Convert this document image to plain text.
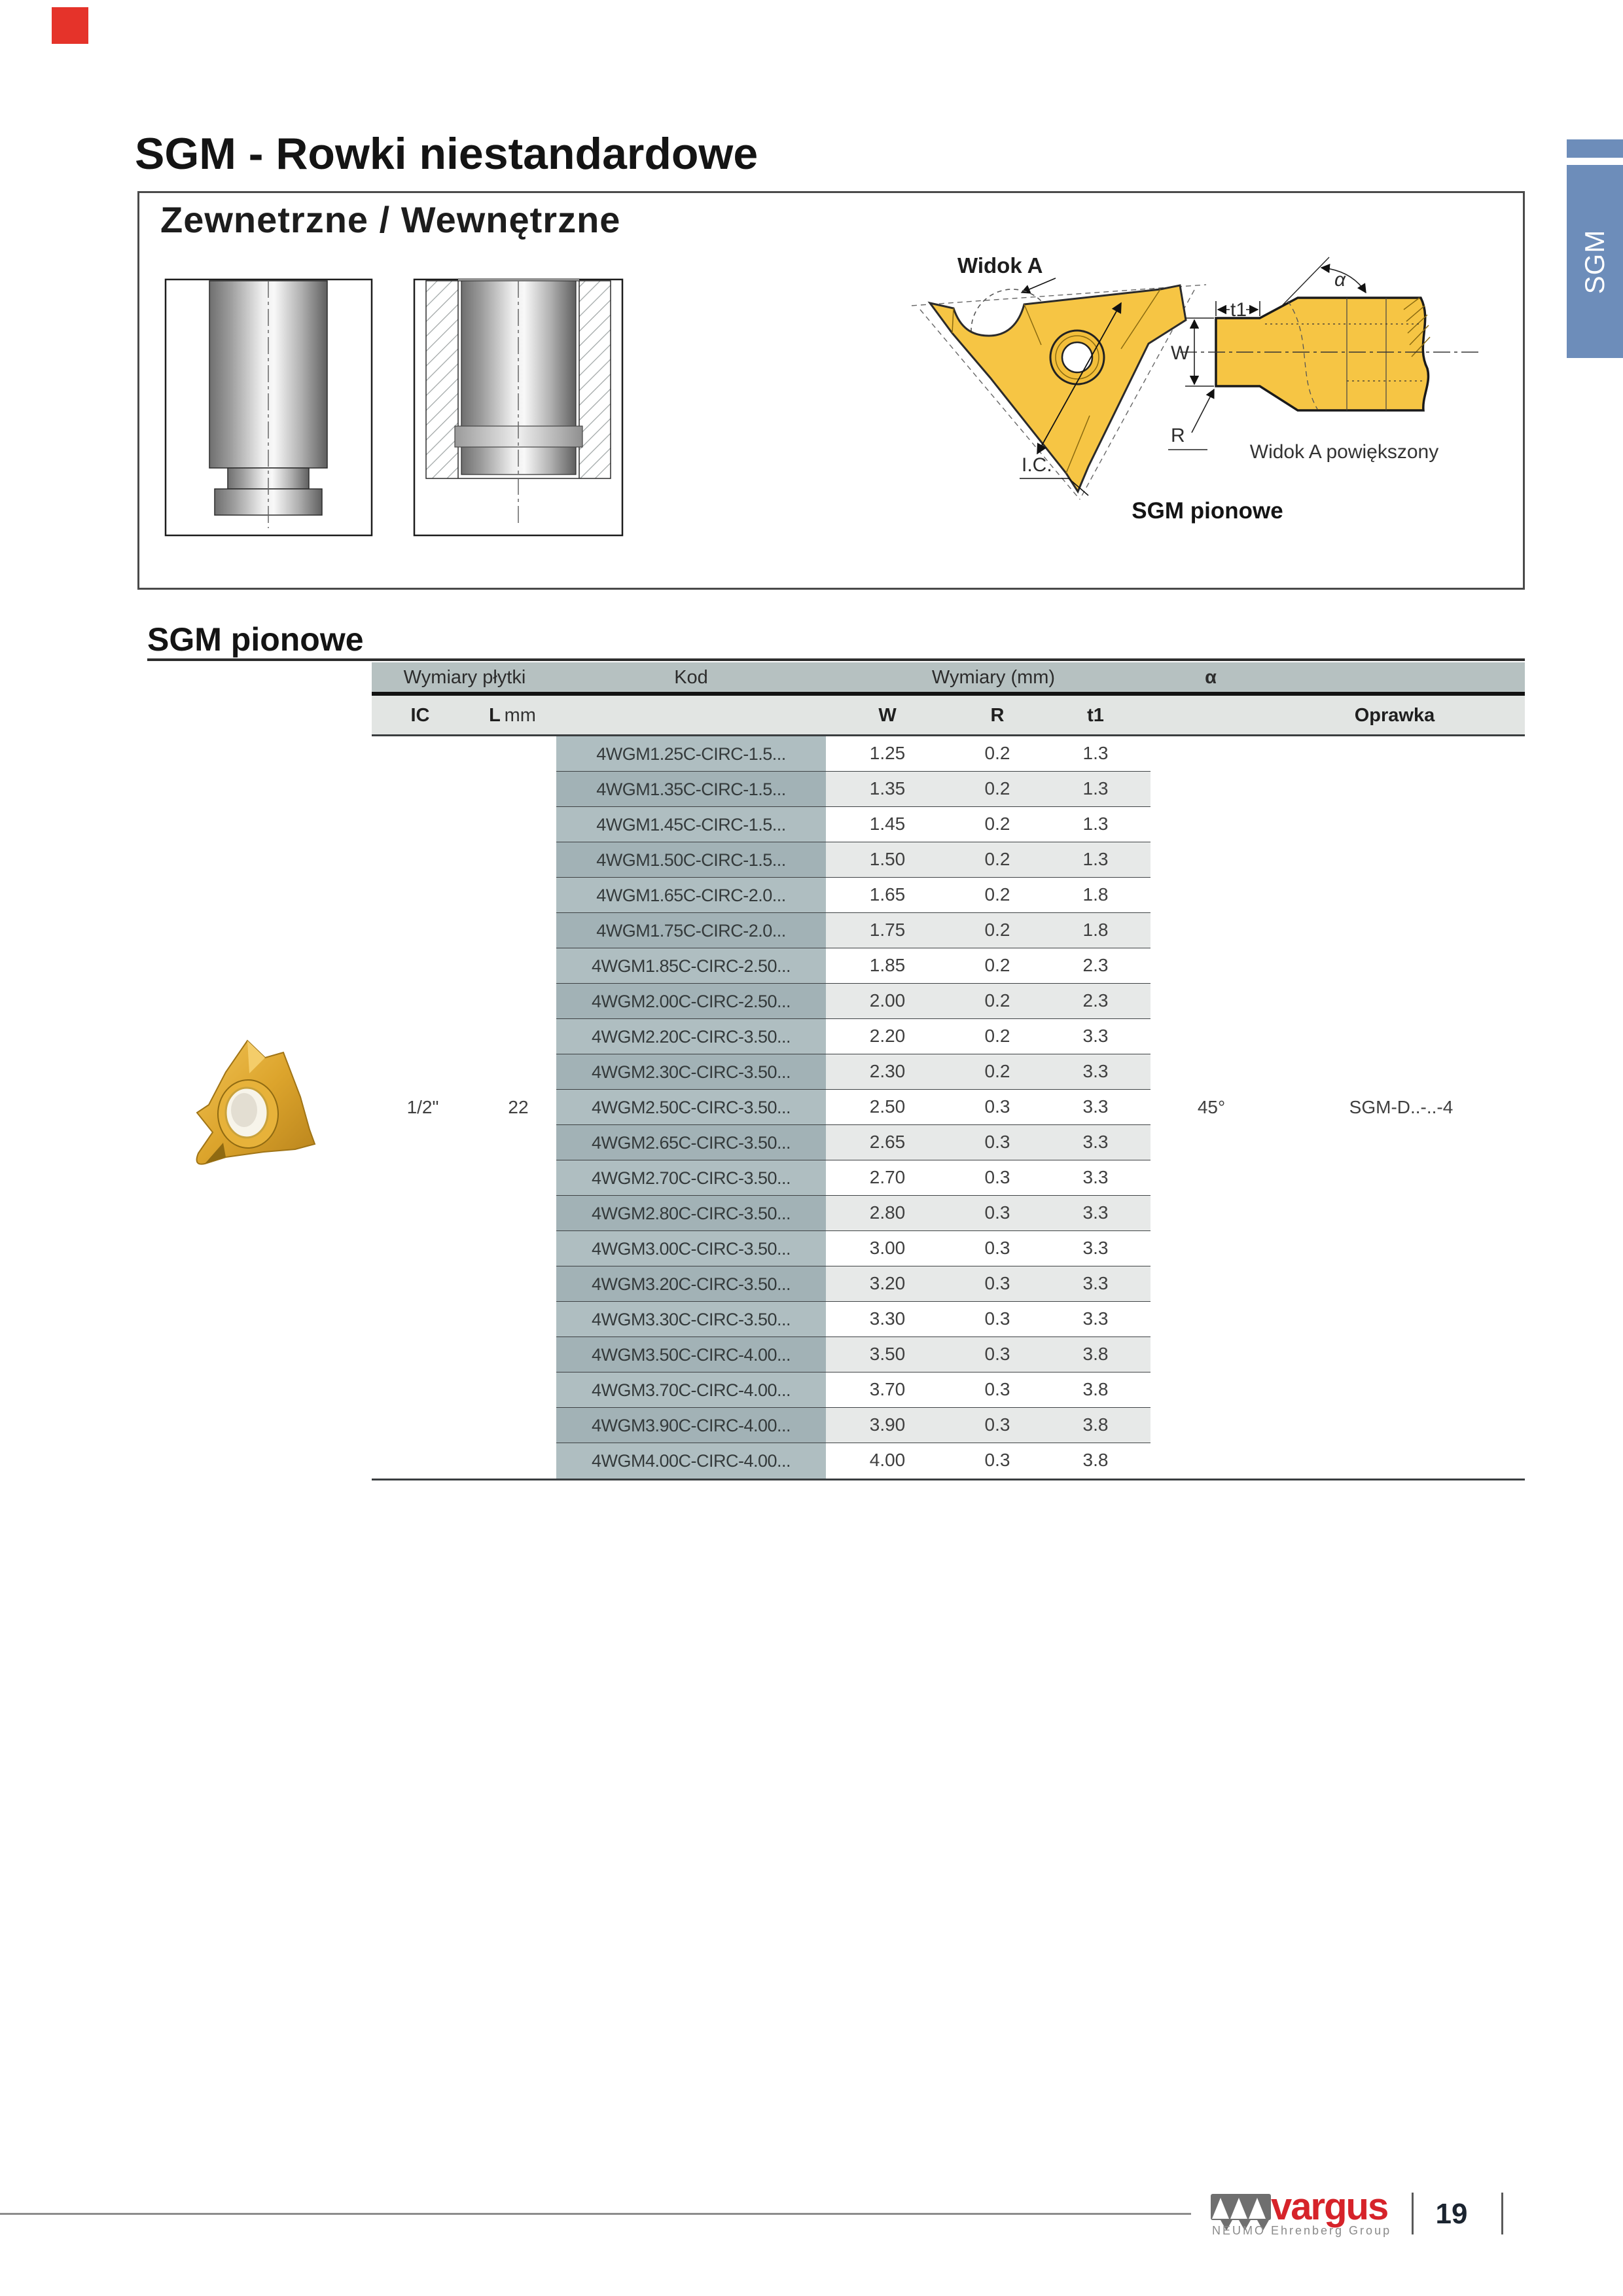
SGM - Rowki niestandardowe
SGM
Widok A
I.C.
t1
W
R
α
Widok A powiększony
SGM pionowe
Zewnetrzne / Wewnętrzne
SGM pionowe
Wymiary płytki	Kod	Wymiary (mm)	α
IC	L  mm	W	R	t1	Oprawka
4WGM1.25C-CIRC-1.5...	1.25	0.2	1.3
4WGM1.35C-CIRC-1.5...	1.35	0.2	1.3
4WGM1.45C-CIRC-1.5...	1.45	0.2	1.3
4WGM1.50C-CIRC-1.5...	1.50	0.2	1.3
4WGM1.65C-CIRC-2.0...	1.65	0.2	1.8
4WGM1.75C-CIRC-2.0...	1.75	0.2	1.8
4WGM1.85C-CIRC-2.50...	1.85	0.2	2.3
4WGM2.00C-CIRC-2.50...	2.00	0.2	2.3
4WGM2.20C-CIRC-3.50...	2.20	0.2	3.3
4WGM2.30C-CIRC-3.50...	2.30	0.2	3.3
4WGM2.50C-CIRC-3.50...	2.50	0.3	3.3
4WGM2.65C-CIRC-3.50...	2.65	0.3	3.3
4WGM2.70C-CIRC-3.50...	2.70	0.3	3.3
4WGM2.80C-CIRC-3.50...	2.80	0.3	3.3
4WGM3.00C-CIRC-3.50...	3.00	0.3	3.3
4WGM3.20C-CIRC-3.50...	3.20	0.3	3.3
4WGM3.30C-CIRC-3.50...	3.30	0.3	3.3
4WGM3.50C-CIRC-4.00...	3.50	0.3	3.8
4WGM3.70C-CIRC-4.00...	3.70	0.3	3.8
4WGM3.90C-CIRC-4.00...	3.90	0.3	3.8
4WGM4.00C-CIRC-4.00...	4.00	0.3	3.8
1/2"	22	45°	SGM-D..-..-4
vargus
NEUMO Ehrenberg Group
19
